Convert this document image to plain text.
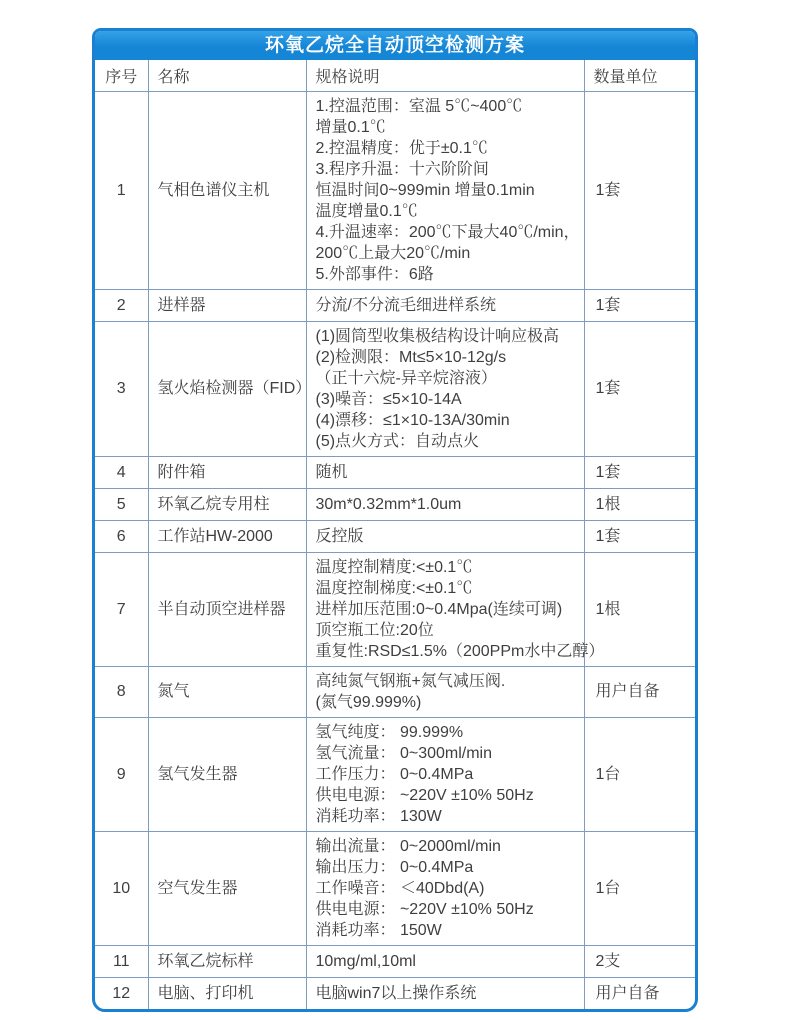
环氧乙烷全自动顶空检测方案
序号	名称	规格说明	数量单位
1	气相色谱仪主机	
1.控温范围：室温 5℃~400℃
增量0.1℃
2.控温精度：优于±0.1℃
3.程序升温：十六阶阶间
恒温时间0~999min 增量0.1min
温度增量0.1℃
4.升温速率：200℃下最大40℃/min，
200℃上最大20℃/min
5.外部事件：6路
	1套
2	进样器	分流/不分流毛细进样系统	1套
3	氢火焰检测器（FID）	
(1)圆筒型收集极结构设计响应极高
(2)检测限：Mt≤5×10-12g/s
（正十六烷-异辛烷溶液）
(3)噪音：≤5×10-14A
(4)漂移：≤1×10-13A/30min
(5)点火方式：自动点火
	1套
4	附件箱	随机	1套
5	环氧乙烷专用柱	30m*0.32mm*1.0um	1根
6	工作站HW-2000	反控版	1套
7	半自动顶空进样器	温度控制精度:<±0.1℃
温度控制梯度:<±0.1℃
进样加压范围:0~0.4Mpa(连续可调)
顶空瓶工位:20位
重复性:RSD≤1.5%（200PPm水中乙醇）	1根
8	氮气	高纯氮气钢瓶+氮气减压阀.
(氮气99.999%)	用户自备
9	氢气发生器	氢气纯度： 99.999%
氢气流量： 0~300ml/min
工作压力： 0~0.4MPa
供电电源： ~220V ±10% 50Hz
消耗功率： 130W	1台
10	空气发生器	输出流量： 0~2000ml/min
输出压力： 0~0.4MPa
工作噪音： ＜40Dbd(A)
供电电源： ~220V ±10% 50Hz
消耗功率： 150W	1台
11	环氧乙烷标样	10mg/ml,10ml	2支
12	电脑、打印机	电脑win7以上操作系统	用户自备
